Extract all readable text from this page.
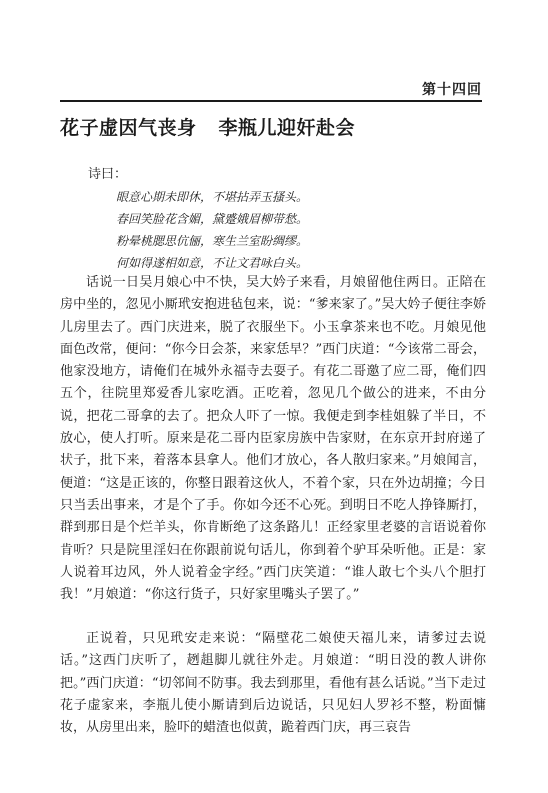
第十四回
花子虚因气丧身 李瓶儿迎奸赴会
诗曰：
眼意心期未即休，不堪拈弄玉搔头。
春回笑脸花含媚，黛蹙娥眉柳带愁。
粉晕桃腮思伉俪，寒生兰室盼绸缪。
何如得遂相如意，不让文君咏白头。

话说一日吴月娘心中不快，吴大妗子来看，月娘留他住两日。正陪在房中坐的，忽见小厮玳安抱进毡包来，说：“爹来家了。”吴大妗子便往李娇儿房里去了。西门庆进来，脱了衣服坐下。小玉拿茶来也不吃。月娘见他面色改常，便问：“你今日会茶，来家恁早？”西门庆道：“今该常二哥会，他家没地方，请俺们在城外永福寺去耍子。有花二哥邀了应二哥，俺们四五个，往院里郑爱香儿家吃酒。正吃着，忽见几个做公的进来，不由分说，把花二哥拿的去了。把众人吓了一惊。我便走到李桂姐躲了半日，不放心，使人打听。原来是花二哥内臣家房族中告家财，在东京开封府递了状子，批下来，着落本县拿人。他们才放心，各人散归家来。”月娘闻言，便道：“这是正该的，你整日跟着这伙人，不着个家，只在外边胡撞；今日只当丢出事来，才是个了手。你如今还不心死。到明日不吃人挣锋厮打，群到那日是个烂羊头，你肯断绝了这条路儿！正经家里老婆的言语说着你肯听？只是院里淫妇在你跟前说句话儿，你到着个驴耳朵听他。正是：家人说着耳边风，外人说着金字经。”西门庆笑道：“谁人敢七个头八个胆打我！”月娘道：“你这行货子，只好家里嘴头子罢了。”

正说着，只见玳安走来说：“隔壁花二娘使天福儿来，请爹过去说话。”这西门庆听了，趔趄脚儿就往外走。月娘道：“明日没的教人讲你把。”西门庆道：“切邻间不防事。我去到那里，看他有甚么话说。”当下走过花子虚家来，李瓶儿使小厮请到后边说话，只见妇人罗衫不整，粉面慵妆，从房里出来，脸吓的蜡渣也似黄，跪着西门庆，再三哀告
